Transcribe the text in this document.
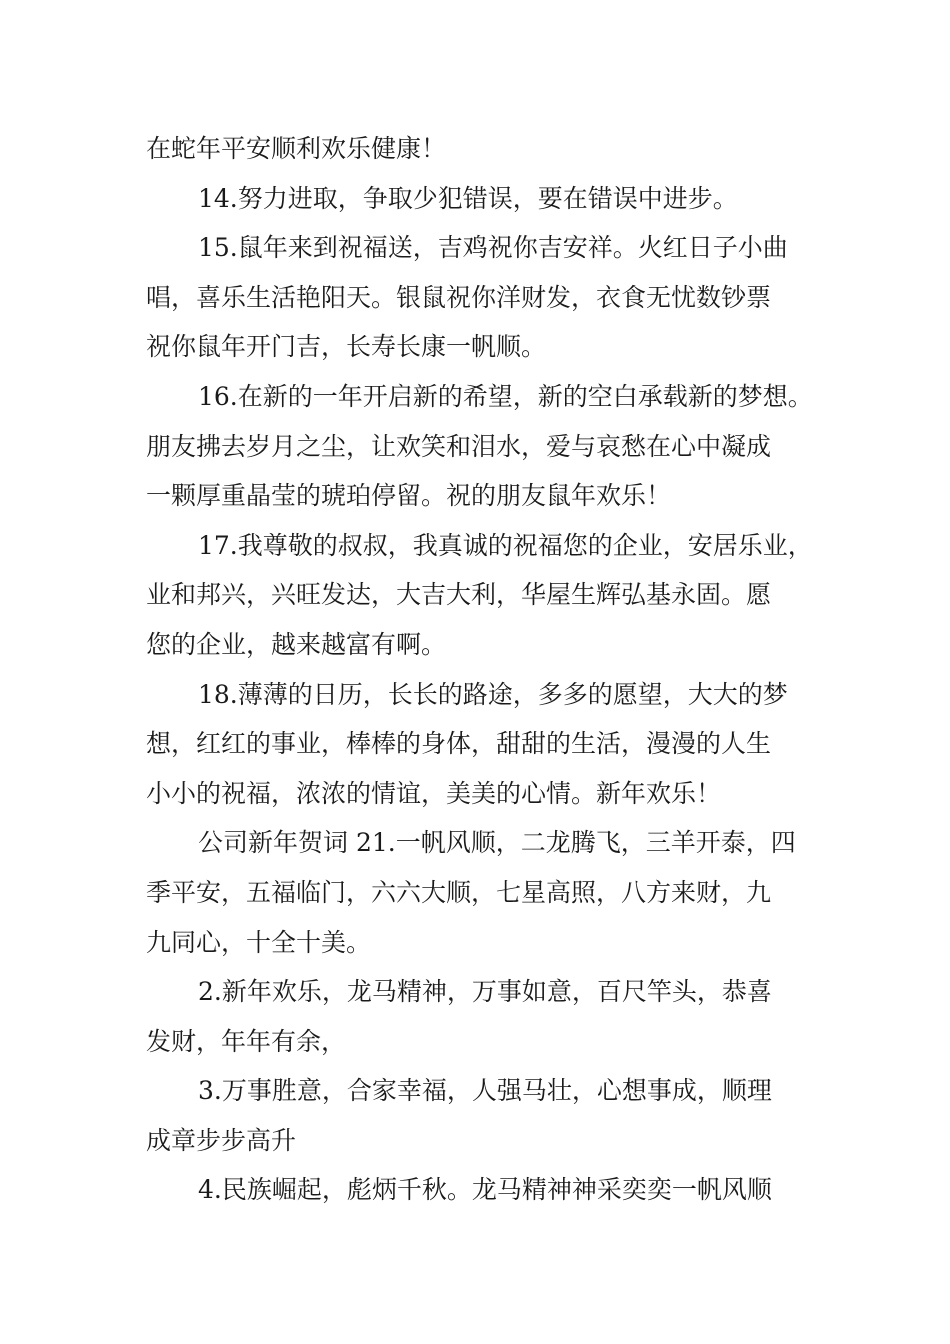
在蛇年平安顺利欢乐健康！
14.努力进取，争取少犯错误，要在错误中进步。
15.鼠年来到祝福送，吉鸡祝你吉安祥。火红日子小曲
唱，喜乐生活艳阳天。银鼠祝你洋财发，衣食无忧数钞票
祝你鼠年开门吉，长寿长康一帆顺。
16.在新的一年开启新的希望，新的空白承载新的梦想。
朋友拂去岁月之尘，让欢笑和泪水，爱与哀愁在心中凝成
一颗厚重晶莹的琥珀停留。祝的朋友鼠年欢乐！
17.我尊敬的叔叔，我真诚的祝福您的企业，安居乐业，
业和邦兴，兴旺发达，大吉大利，华屋生辉弘基永固。愿
您的企业，越来越富有啊。
18.薄薄的日历，长长的路途，多多的愿望，大大的梦
想，红红的事业，棒棒的身体，甜甜的生活，漫漫的人生
小小的祝福，浓浓的情谊，美美的心情。新年欢乐！
公司新年贺词 21.一帆风顺，二龙腾飞，三羊开泰，四
季平安，五福临门，六六大顺，七星高照，八方来财，九
九同心，十全十美。
2.新年欢乐，龙马精神，万事如意，百尺竿头，恭喜
发财，年年有余，
3.万事胜意，合家幸福，人强马壮，心想事成，顺理
成章步步高升
4.民族崛起，彪炳千秋。龙马精神神采奕奕一帆风顺
